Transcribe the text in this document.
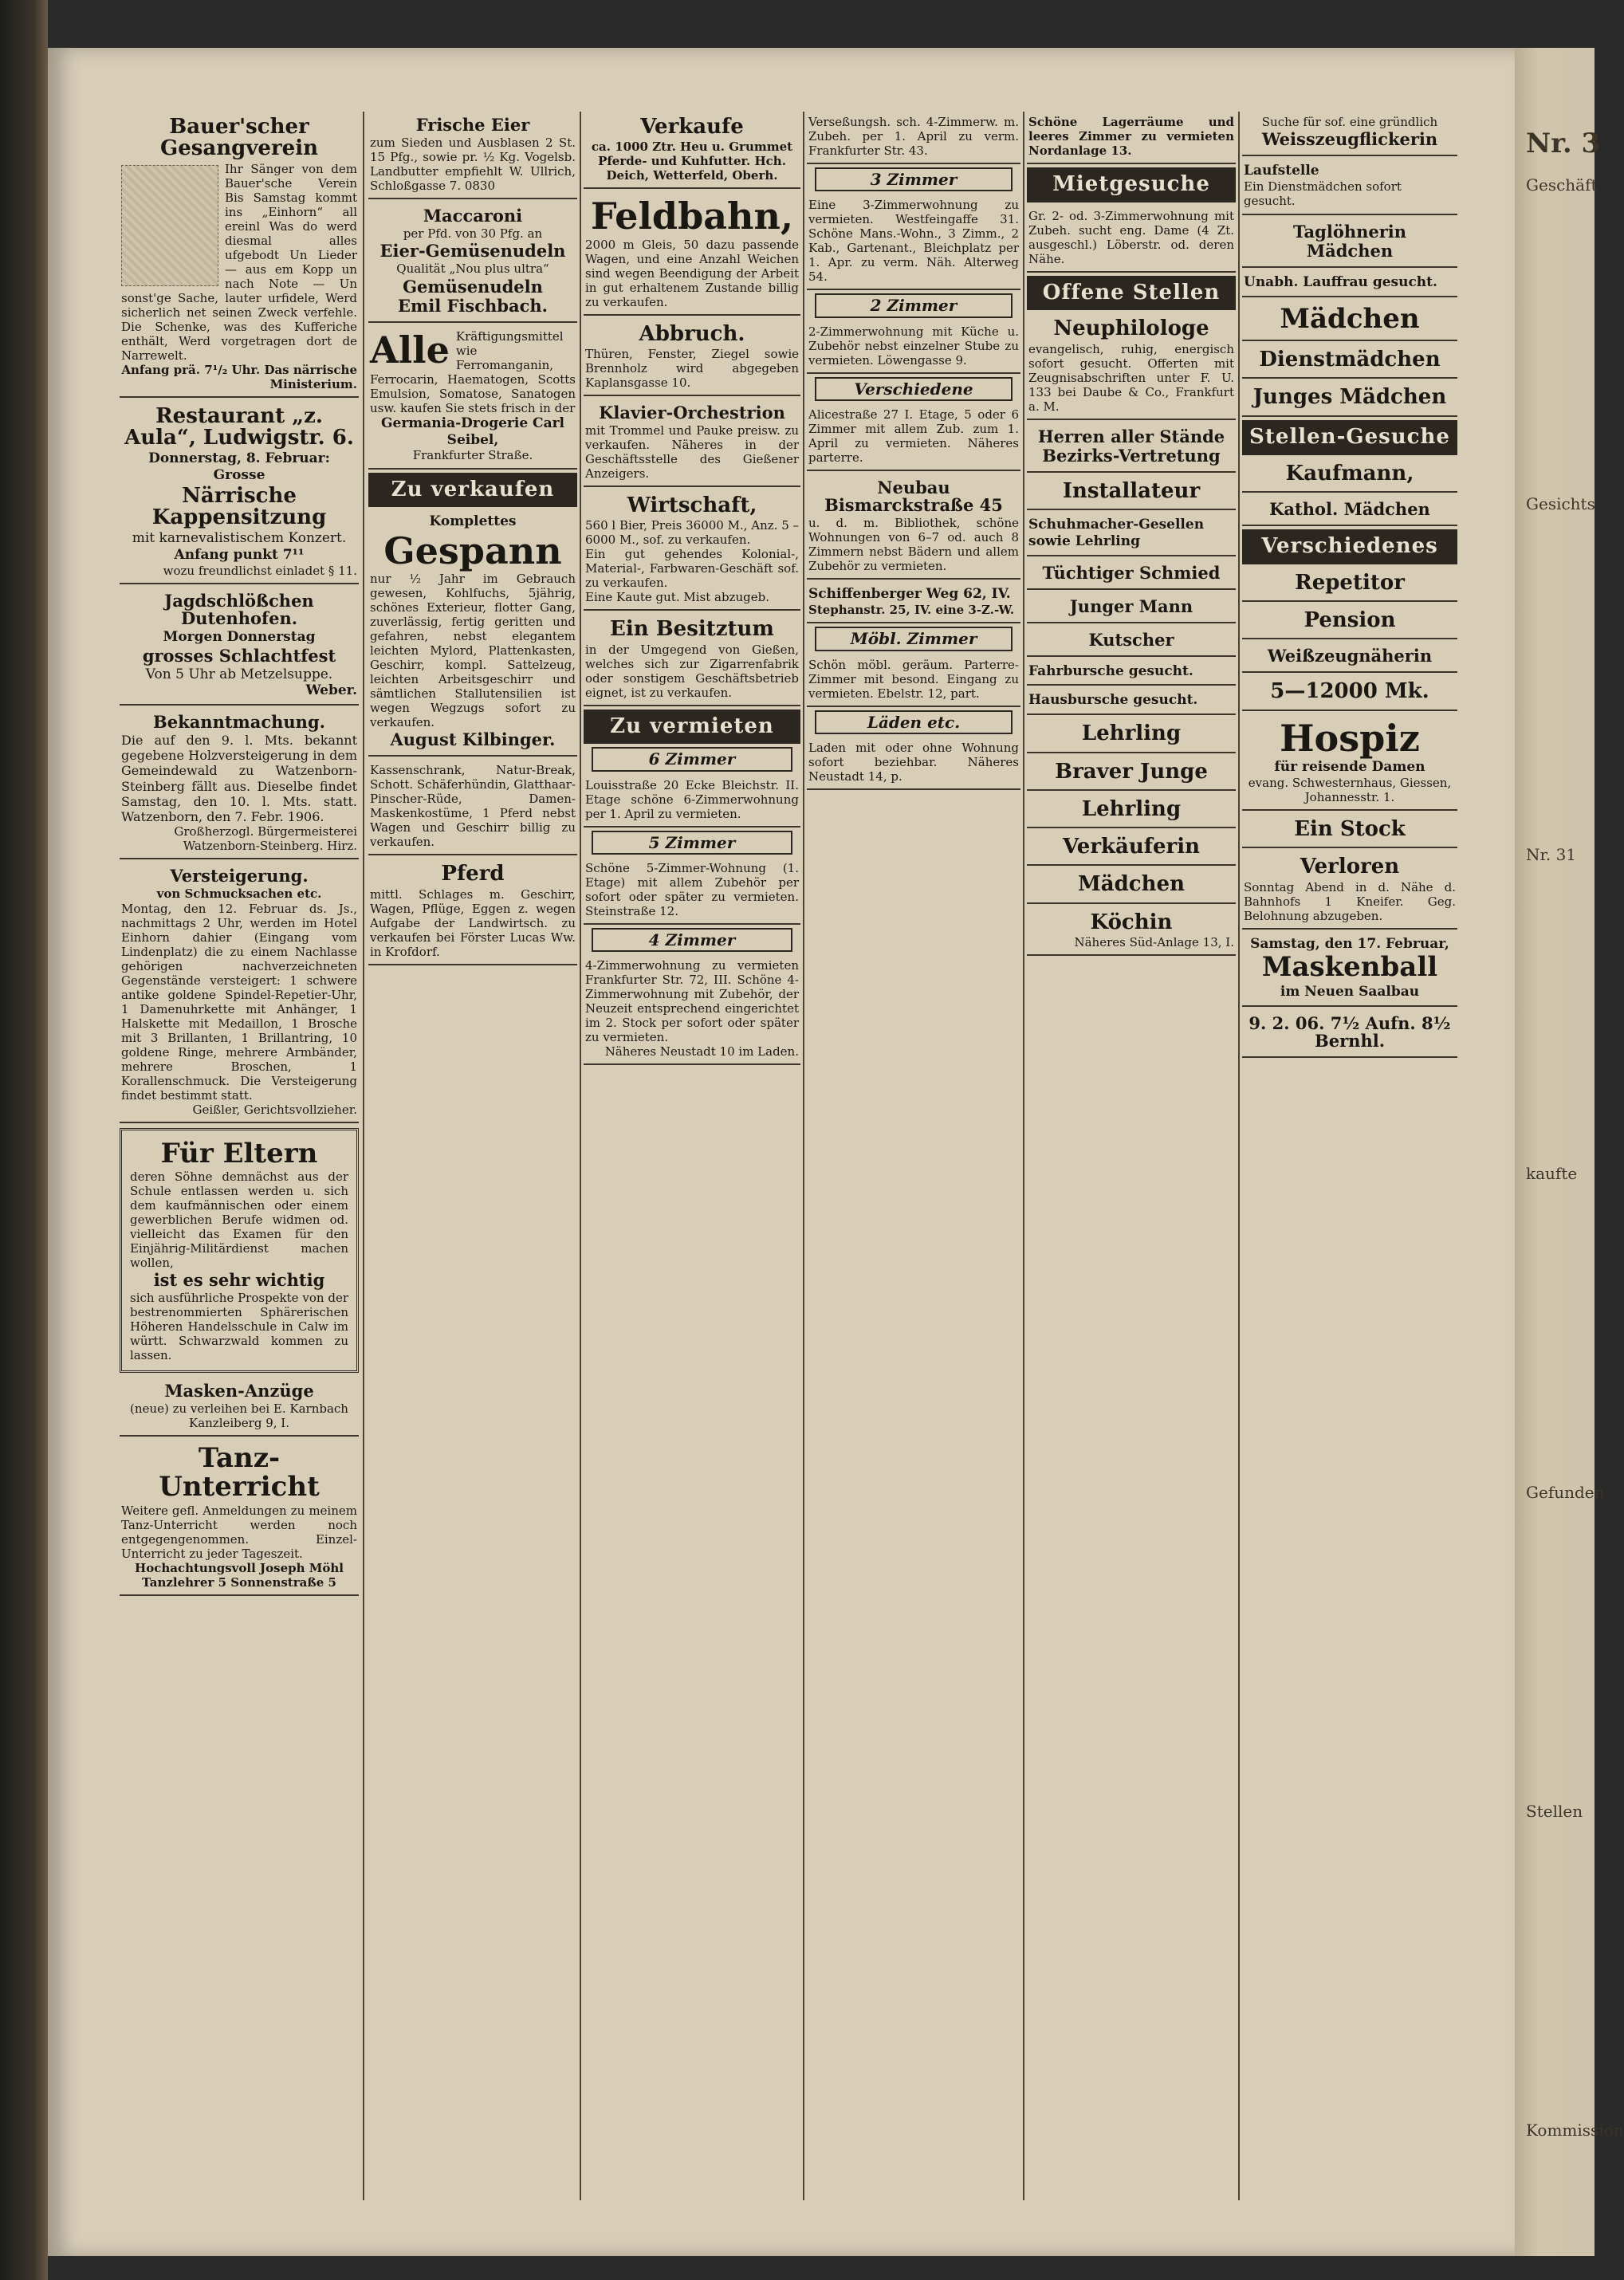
Nr. 3
Geschäft
Gesichts
Nr. 31
kaufte
Gefunden
Stellen
Kommission
Bauer'scher Gesangverein
Ihr Sänger von dem Bauer'sche Verein Bis Samstag kommt ins „Einhorn“ all ereinl Was do werd diesmal alles ufgebodt Un Lieder — aus em Kopp un nach Note — Un sonst'ge Sache, lauter urfidele, Werd sicherlich net seinen Zweck verfehle. Die Schenke, was des Kufferiche enthält, Werd vorgetragen dort de Narrewelt.
Anfang prä. 7¹/₂ Uhr. Das närrische Ministerium.
Restaurant „z. Aula“, Ludwigstr. 6.
Donnerstag, 8. Februar:
Grosse
Närrische Kappensitzung
mit karnevalistischem Konzert.
Anfang punkt 7¹¹
wozu freundlichst einladet § 11.
Jagdschlößchen Dutenhofen.
Morgen Donnerstag
grosses Schlachtfest
Von 5 Uhr ab Metzelsuppe.
Weber.
Bekanntmachung.
Die auf den 9. l. Mts. bekannt gegebene Holzversteigerung in dem Gemeindewald zu Watzenborn-Steinberg fällt aus. Dieselbe findet Samstag, den 10. l. Mts. statt. Watzenborn, den 7. Febr. 1906.
Großherzogl. Bürgermeisterei Watzenborn-Steinberg. Hirz.
Versteigerung.
von Schmucksachen etc.
Montag, den 12. Februar ds. Js., nachmittags 2 Uhr, werden im Hotel Einhorn dahier (Eingang vom Lindenplatz) die zu einem Nachlasse gehörigen nachverzeichneten Gegenstände versteigert: 1 schwere antike goldene Spindel-Repetier-Uhr, 1 Damenuhrkette mit Anhänger, 1 Halskette mit Medaillon, 1 Brosche mit 3 Brillanten, 1 Brillantring, 10 goldene Ringe, mehrere Armbänder, mehrere Broschen, 1 Korallenschmuck. Die Versteigerung findet bestimmt statt.
Geißler, Gerichtsvollzieher.
Für Eltern
deren Söhne demnächst aus der Schule entlassen werden u. sich dem kaufmännischen oder einem gewerblichen Berufe widmen od. vielleicht das Examen für den Einjährig-Militärdienst machen wollen,
ist es sehr wichtig
sich ausführliche Prospekte von der bestrenommierten Sphärerischen Höheren Handelsschule in Calw im württ. Schwarzwald kommen zu lassen.
Masken-Anzüge
(neue) zu verleihen bei E. Karnbach Kanzleiberg 9, I.
Tanz-Unterricht
Weitere gefl. Anmeldungen zu meinem Tanz-Unterricht werden noch entgegengenommen. Einzel-Unterricht zu jeder Tageszeit.
Hochachtungsvoll Joseph Möhl Tanzlehrer 5 Sonnenstraße 5
Frische Eier
zum Sieden und Ausblasen 2 St. 15 Pfg., sowie pr. ½ Kg. Vogelsb. Landbutter empfiehlt W. Ullrich, Schloßgasse 7. 0830
Maccaroni
per Pfd. von 30 Pfg. an
Eier-Gemüsenudeln
Qualität „Nou plus ultra“
Gemüsenudeln
Emil Fischbach.
Alle Kräftigungsmittel wie Ferromanganin, Ferrocarin, Haematogen, Scotts Emulsion, Somatose, Sanatogen usw. kaufen Sie stets frisch in der
Germania-Drogerie Carl Seibel,
Frankfurter Straße.
Zu verkaufen
Komplettes
Gespann
nur ½ Jahr im Gebrauch gewesen, Kohlfuchs, 5jährig, schönes Exterieur, flotter Gang, zuverlässig, fertig geritten und gefahren, nebst elegantem leichten Mylord, Plattenkasten, Geschirr, kompl. Sattelzeug, leichten Arbeitsgeschirr und sämtlichen Stallutensilien ist wegen Wegzugs sofort zu verkaufen.
August Kilbinger.
Kassenschrank, Natur-Break, Schott. Schäferhündin, Glatthaar-Pinscher-Rüde, Damen-Maskenkostüme, 1 Pferd nebst Wagen und Geschirr billig zu verkaufen.
Pferd
mittl. Schlages m. Geschirr, Wagen, Pflüge, Eggen z. wegen Aufgabe der Landwirtsch. zu verkaufen bei Förster Lucas Ww. in Krofdorf.
Verkaufe
ca. 1000 Ztr. Heu u. Grummet Pferde- und Kuhfutter. Hch. Deich, Wetterfeld, Oberh.
Feldbahn,
2000 m Gleis, 50 dazu passende Wagen, und eine Anzahl Weichen sind wegen Beendigung der Arbeit in gut erhaltenem Zustande billig zu verkaufen.
Abbruch.
Thüren, Fenster, Ziegel sowie Brennholz wird abgegeben Kaplansgasse 10.
Klavier-Orchestrion
mit Trommel und Pauke preisw. zu verkaufen. Näheres in der Geschäftsstelle des Gießener Anzeigers.
Wirtschaft,
560 l Bier, Preis 36000 M., Anz. 5 – 6000 M., sof. zu verkaufen.
Ein gut gehendes Kolonial-, Material-, Farbwaren-Geschäft sof. zu verkaufen.
Eine Kaute gut. Mist abzugeb.
Ein Besitztum
in der Umgegend von Gießen, welches sich zur Zigarrenfabrik oder sonstigem Geschäftsbetrieb eignet, ist zu verkaufen.
Zu vermieten
6 Zimmer
Louisstraße 20 Ecke Bleichstr. II. Etage schöne 6-Zimmerwohnung per 1. April zu vermieten.
5 Zimmer
Schöne 5-Zimmer-Wohnung (1. Etage) mit allem Zubehör per sofort oder später zu vermieten. Steinstraße 12.
4 Zimmer
4-Zimmerwohnung zu vermieten Frankfurter Str. 72, III. Schöne 4-Zimmerwohnung mit Zubehör, der Neuzeit entsprechend eingerichtet im 2. Stock per sofort oder später zu vermieten.
Näheres Neustadt 10 im Laden.
Verseßungsh. sch. 4-Zimmerw. m. Zubeh. per 1. April zu verm. Frankfurter Str. 43.
3 Zimmer
Eine 3-Zimmerwohnung zu vermieten. Westfeingaffe 31. Schöne Mans.-Wohn., 3 Zimm., 2 Kab., Gartenant., Bleichplatz per 1. Apr. zu verm. Näh. Alterweg 54.
2 Zimmer
2-Zimmerwohnung mit Küche u. Zubehör nebst einzelner Stube zu vermieten. Löwengasse 9.
Verschiedene
Alicestraße 27 I. Etage, 5 oder 6 Zimmer mit allem Zub. zum 1. April zu vermieten. Näheres parterre.
Neubau Bismarckstraße 45
u. d. m. Bibliothek, schöne Wohnungen von 6–7 od. auch 8 Zimmern nebst Bädern und allem Zubehör zu vermieten.
Schiffenberger Weg 62, IV.
Stephanstr. 25, IV. eine 3-Z.-W.
Möbl. Zimmer
Schön möbl. geräum. Parterre-Zimmer mit besond. Eingang zu vermieten. Ebelstr. 12, part.
Läden etc.
Laden mit oder ohne Wohnung sofort beziehbar. Näheres Neustadt 14, p.
Schöne Lagerräume und leeres Zimmer zu vermieten Nordanlage 13.
Mietgesuche
Gr. 2- od. 3-Zimmerwohnung mit Zubeh. sucht eng. Dame (4 Zt. ausgeschl.) Löberstr. od. deren Nähe.
Offene Stellen
Neuphilologe
evangelisch, ruhig, energisch sofort gesucht. Offerten mit Zeugnisabschriften unter F. U. 133 bei Daube & Co., Frankfurt a. M.
Herren aller Stände
Bezirks-Vertretung
Installateur
Schuhmacher-Gesellen sowie Lehrling
Tüchtiger Schmied
Junger Mann
Kutscher
Fahrbursche gesucht.
Hausbursche gesucht.
Lehrling
Braver Junge
Lehrling
Verkäuferin
Mädchen
Köchin
Näheres Süd-Anlage 13, I.
Suche für sof. eine gründlich
Weisszeugflickerin
Laufstelle
Ein Dienstmädchen sofort gesucht.
Taglöhnerin
Mädchen
Unabh. Lauffrau gesucht.
Mädchen
Dienstmädchen
Junges Mädchen
Stellen-Gesuche
Kaufmann,
Kathol. Mädchen
Verschiedenes
Repetitor
Pension
Weißzeugnäherin
5—12000 Mk.
Hospiz
für reisende Damen
evang. Schwesternhaus, Giessen, Johannesstr. 1.
Ein Stock
Verloren
Sonntag Abend in d. Nähe d. Bahnhofs 1 Kneifer. Geg. Belohnung abzugeben.
Samstag, den 17. Februar,
Maskenball
im Neuen Saalbau
9. 2. 06. 7½ Aufn. 8½ Bernhl.
